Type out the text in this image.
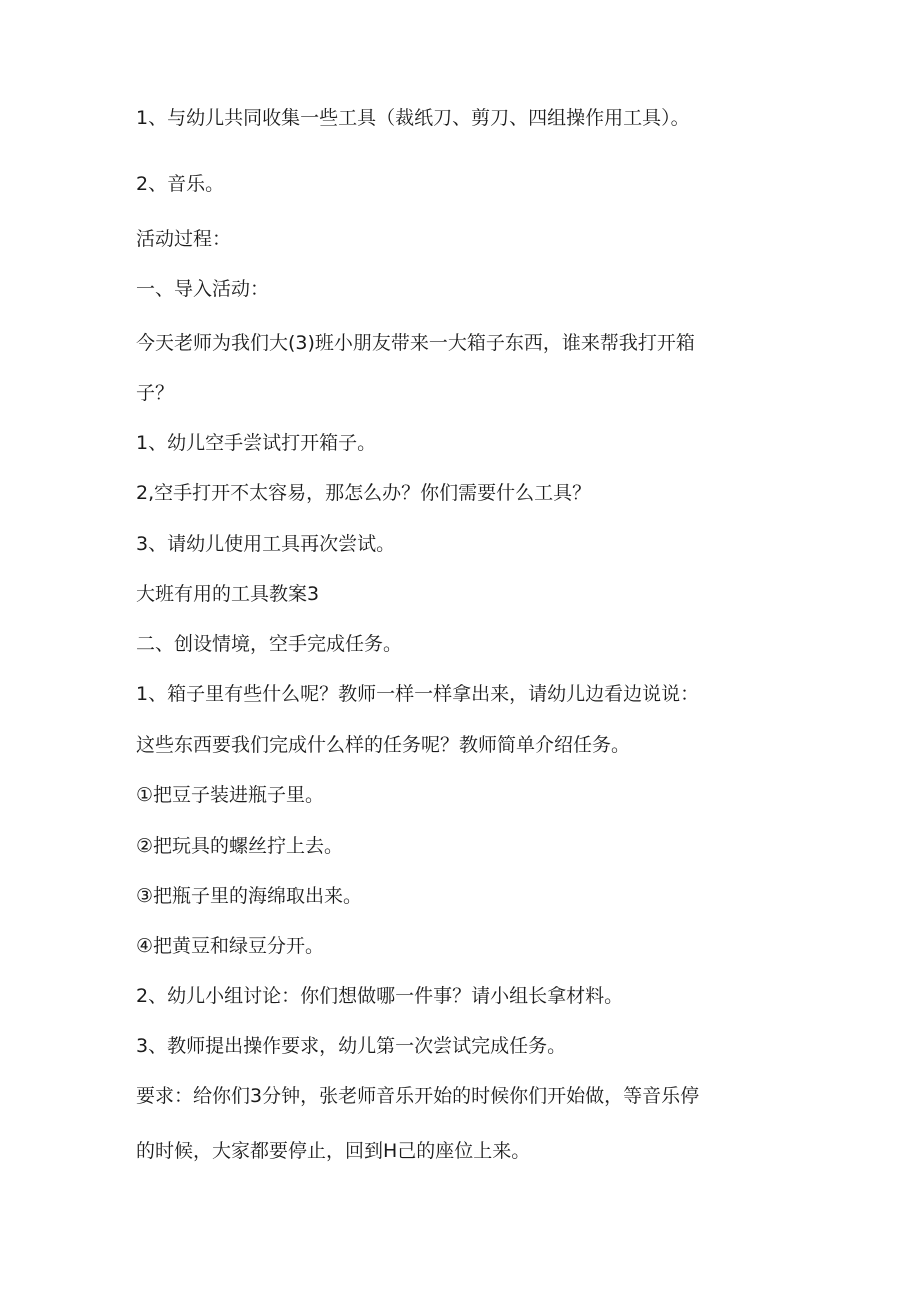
1、与幼儿共同收集一些工具（裁纸刀、剪刀、四组操作用工具）。
2、音乐。
活动过程：
一、导入活动：
今天老师为我们大(3)班小朋友带来一大箱子东西，谁来帮我打开箱
子？
1、幼儿空手尝试打开箱子。
2,空手打开不太容易，那怎么办？你们需要什么工具？
3、请幼儿使用工具再次尝试。
大班有用的工具教案3
二、创设情境，空手完成任务。
1、箱子里有些什么呢？教师一样一样拿出来，请幼儿边看边说说：
这些东西要我们完成什么样的任务呢？教师简单介绍任务。
①把豆子装进瓶子里。
②把玩具的螺丝拧上去。
③把瓶子里的海绵取出来。
④把黄豆和绿豆分开。
2、幼儿小组讨论：你们想做哪一件事？请小组长拿材料。
3、教师提出操作要求，幼儿第一次尝试完成任务。
要求：给你们3分钟，张老师音乐开始的时候你们开始做，等音乐停
的时候，大家都要停止，回到H己的座位上来。
